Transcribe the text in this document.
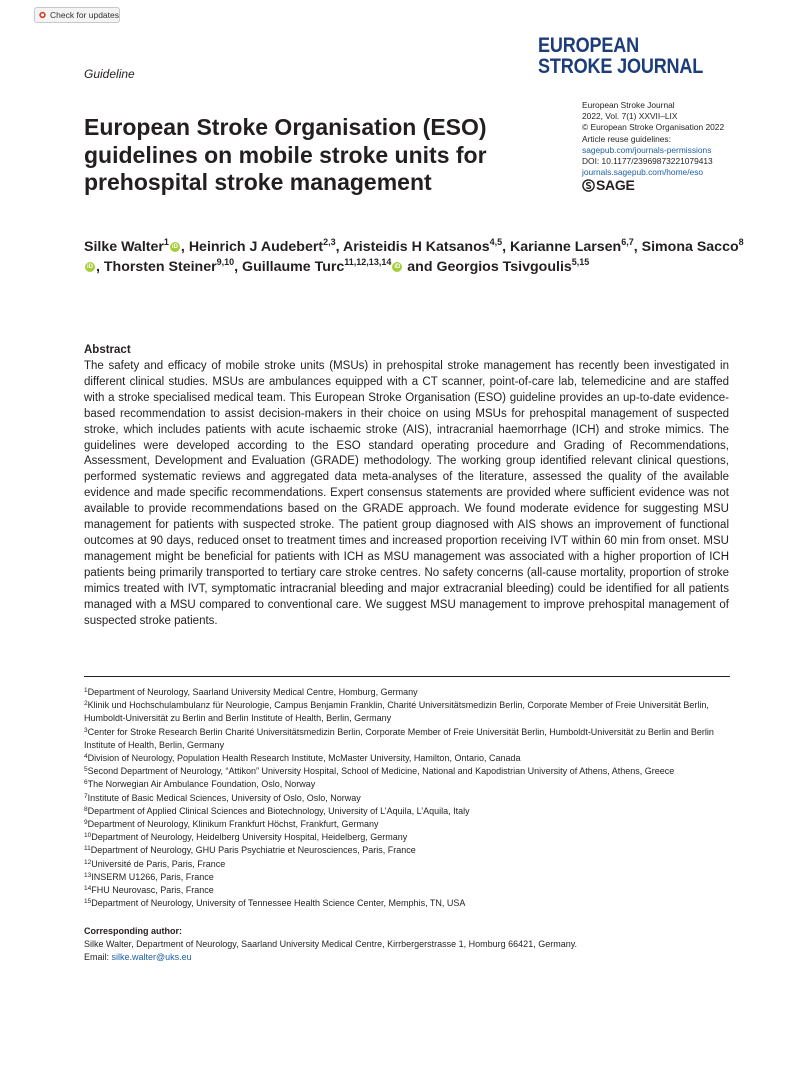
Check for updates
Guideline
EUROPEAN
STROKE JOURNAL
European Stroke Journal
2022, Vol. 7(1) XXVII–LIX
© European Stroke Organisation 2022
Article reuse guidelines:
sagepub.com/journals-permissions
DOI: 10.1177/23969873221079413
journals.sagepub.com/home/eso
SAGE
European Stroke Organisation (ESO) guidelines on mobile stroke units for prehospital stroke management
Silke Walter$^1$iD , Heinrich J Audebert$^{2,3}$, Aristeidis H Katsanos$^{4,5}$, Karianne Larsen$^{6,7}$, Simona Sacco$^8$iD, Thorsten Steiner$^{9,10}$, Guillaume Turc$^{11,12,13,14}$iD and Georgios Tsivgoulis$^{5,15}$
Abstract
The safety and efficacy of mobile stroke units (MSUs) in prehospital stroke management has recently been investigated in different clinical studies. MSUs are ambulances equipped with a CT scanner, point-of-care lab, telemedicine and are staffed with a stroke specialised medical team. This European Stroke Organisation (ESO) guideline provides an up-to-date evidence-based recommendation to assist decision-makers in their choice on using MSUs for prehospital management of suspected stroke, which includes patients with acute ischaemic stroke (AIS), intracranial haemorrhage (ICH) and stroke mimics. The guidelines were developed according to the ESO standard operating procedure and Grading of Recommendations, Assessment, Development and Evaluation (GRADE) methodology. The working group identified relevant clinical questions, performed systematic reviews and aggregated data meta-analyses of the literature, assessed the quality of the available evidence and made specific recommendations. Expert consensus statements are provided where sufficient evidence was not available to provide recommendations based on the GRADE approach. We found moderate evidence for suggesting MSU management for patients with suspected stroke. The patient group diagnosed with AIS shows an improvement of functional outcomes at 90 days, reduced onset to treatment times and increased proportion receiving IVT within 60 min from onset. MSU management might be beneficial for patients with ICH as MSU management was associated with a higher proportion of ICH patients being primarily transported to tertiary care stroke centres. No safety concerns (all-cause mortality, proportion of stroke mimics treated with IVT, symptomatic intracranial bleeding and major extracranial bleeding) could be identified for all patients managed with a MSU compared to conventional care. We suggest MSU management to improve prehospital management of suspected stroke patients.
$^1$Department of Neurology, Saarland University Medical Centre, Homburg, Germany
$^2$Klinik und Hochschulambulanz für Neurologie, Campus Benjamin Franklin, Charité Universitätsmedizin Berlin, Corporate Member of Freie Universität Berlin, Humboldt-Universität zu Berlin and Berlin Institute of Health, Berlin, Germany
$^3$Center for Stroke Research Berlin Charité Universitätsmedizin Berlin, Corporate Member of Freie Universität Berlin, Humboldt-Universität zu Berlin and Berlin Institute of Health, Berlin, Germany
$^4$Division of Neurology, Population Health Research Institute, McMaster University, Hamilton, Ontario, Canada
$^5$Second Department of Neurology, “Attikon” University Hospital, School of Medicine, National and Kapodistrian University of Athens, Athens, Greece
$^6$The Norwegian Air Ambulance Foundation, Oslo, Norway
$^7$Institute of Basic Medical Sciences, University of Oslo, Oslo, Norway
$^8$Department of Applied Clinical Sciences and Biotechnology, University of L’Aquila, L’Aquila, Italy
$^9$Department of Neurology, Klinikum Frankfurt Höchst, Frankfurt, Germany
$^{10}$Department of Neurology, Heidelberg University Hospital, Heidelberg, Germany
$^{11}$Department of Neurology, GHU Paris Psychiatrie et Neurosciences, Paris, France
$^{12}$Université de Paris, Paris, France
$^{13}$INSERM U1266, Paris, France
$^{14}$FHU Neurovasc, Paris, France
$^{15}$Department of Neurology, University of Tennessee Health Science Center, Memphis, TN, USA
Corresponding author:
Silke Walter, Department of Neurology, Saarland University Medical Centre, Kirrbergerstrasse 1, Homburg 66421, Germany.
Email: silke.walter@uks.eu
